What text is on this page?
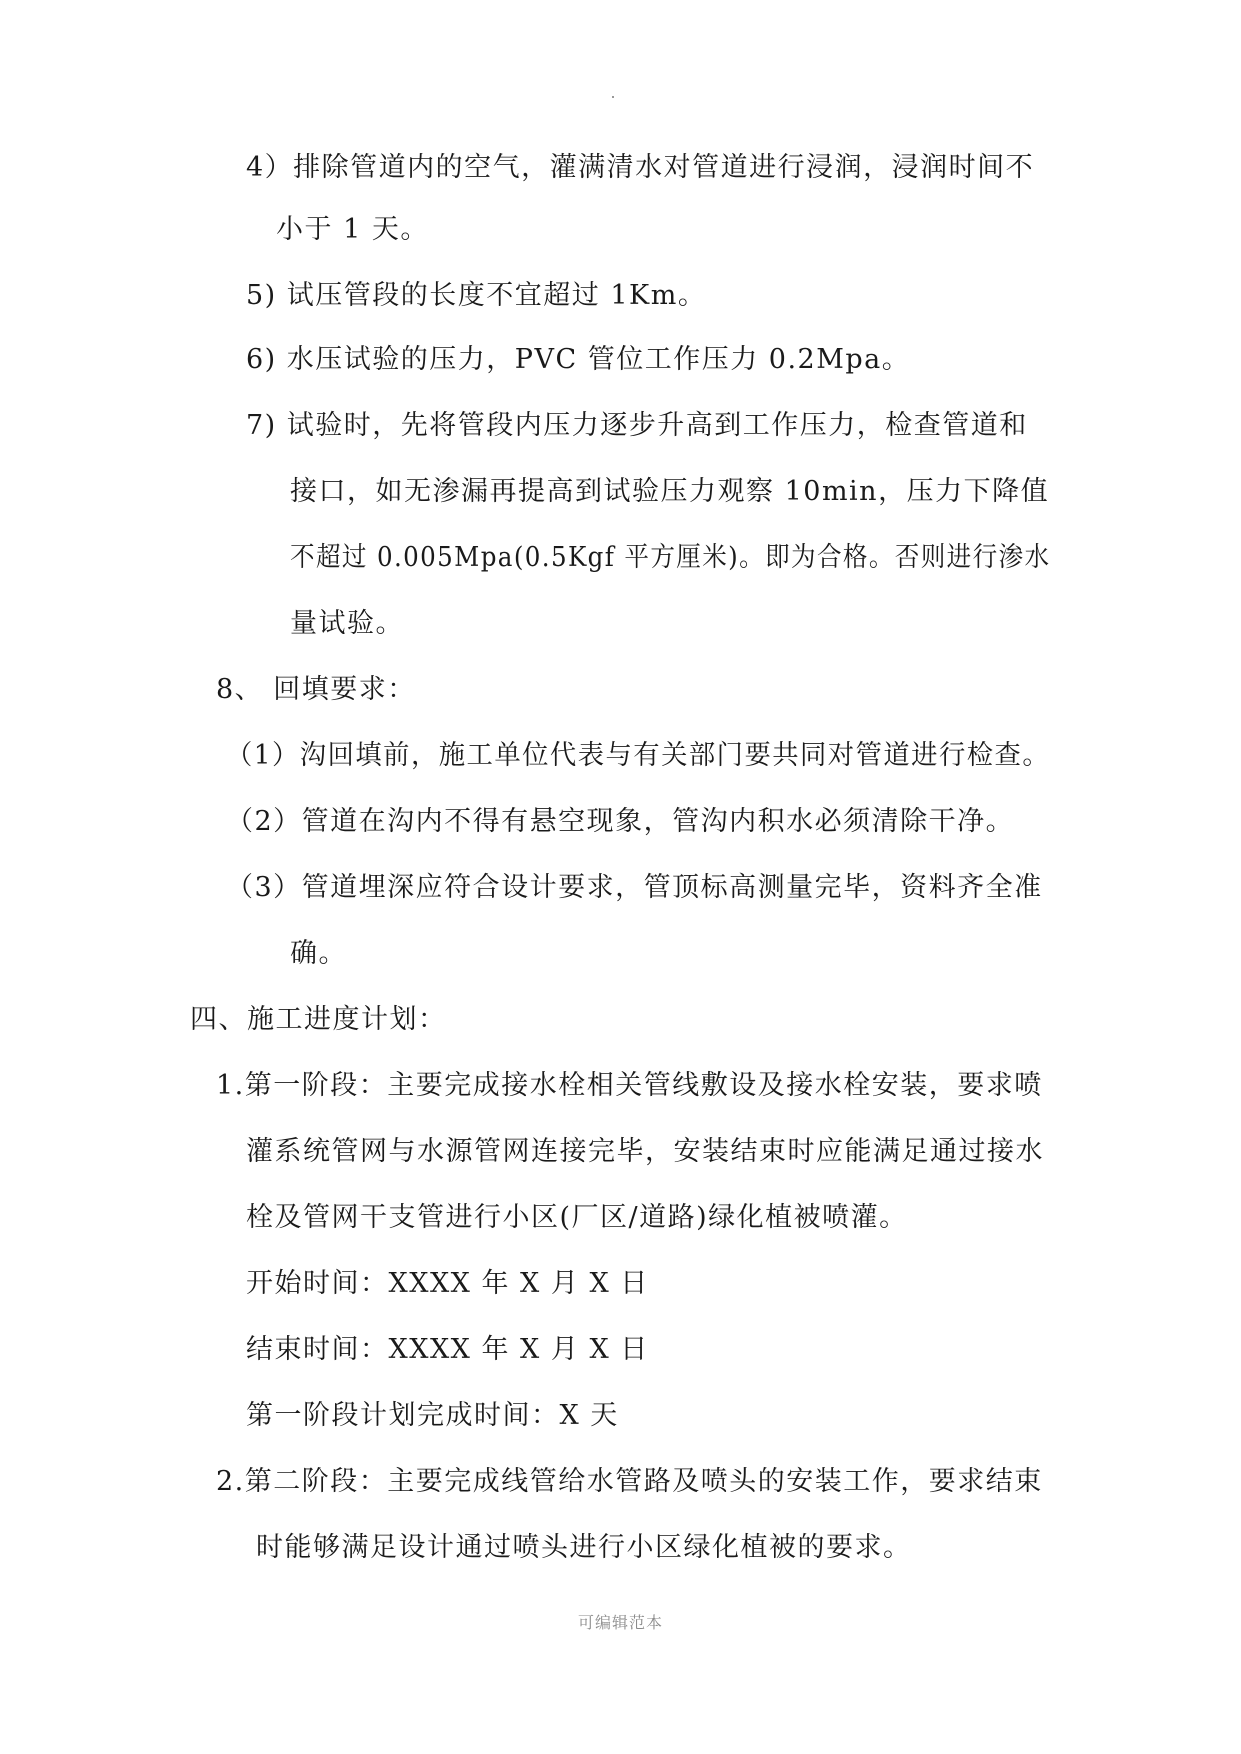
4）排除管道内的空气，灌满清水对管道进行浸润，浸润时间不
小于 1 天。
5) 试压管段的长度不宜超过 1Km。
6) 水压试验的压力，PVC 管位工作压力 0.2Mpa。
7) 试验时，先将管段内压力逐步升高到工作压力，检查管道和
接口，如无渗漏再提高到试验压力观察 10min，压力下降值
不超过 0.005Mpa(0.5Kgf 平方厘米)。即为合格。否则进行渗水
量试验。
8、 回填要求：
（1）沟回填前，施工单位代表与有关部门要共同对管道进行检查。
（2）管道在沟内不得有悬空现象，管沟内积水必须清除干净。
（3）管道埋深应符合设计要求，管顶标高测量完毕，资料齐全准
确。
四、施工进度计划：
1.第一阶段：主要完成接水栓相关管线敷设及接水栓安装，要求喷
灌系统管网与水源管网连接完毕，安装结束时应能满足通过接水
栓及管网干支管进行小区(厂区/道路)绿化植被喷灌。
开始时间：XXXX 年 X 月 X 日
结束时间：XXXX 年 X 月 X 日
第一阶段计划完成时间：X 天
2.第二阶段：主要完成线管给水管路及喷头的安装工作，要求结束
时能够满足设计通过喷头进行小区绿化植被的要求。
可编辑范本
